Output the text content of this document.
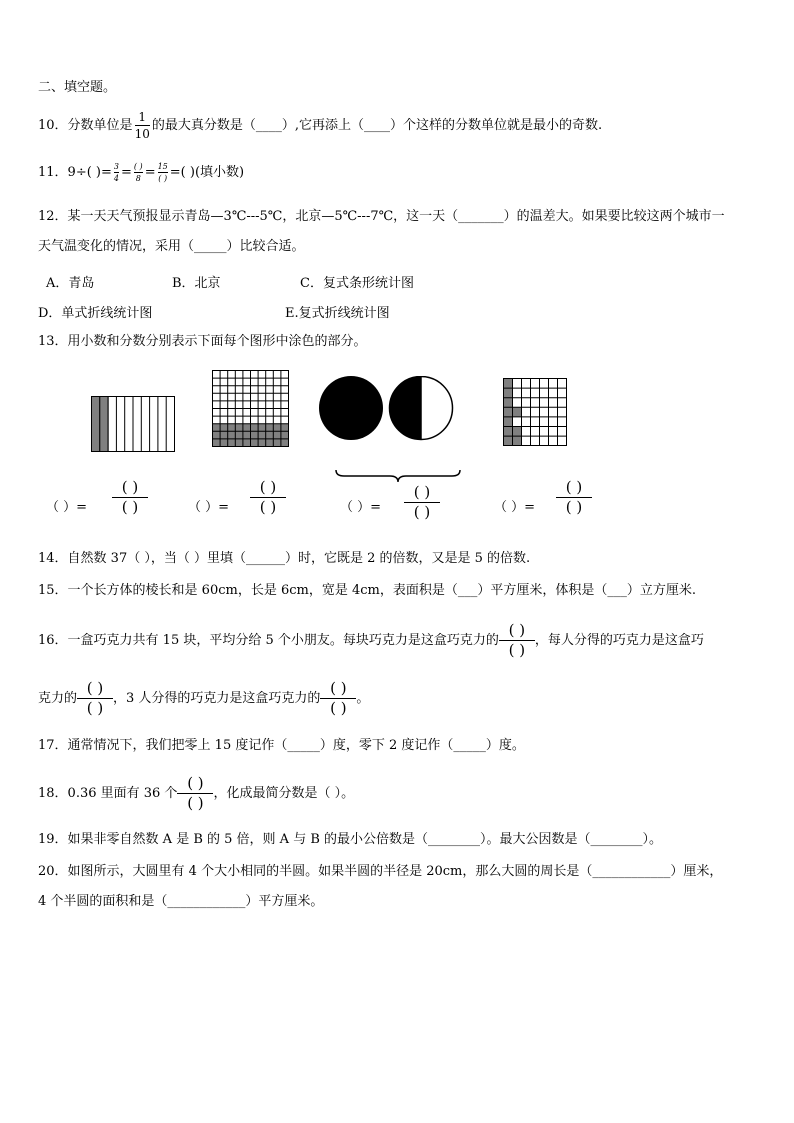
二、填空题。
10．分数单位是 $\frac{1}{10}$ 的最大真分数是（____）,它再添上（____）个这样的分数单位就是最小的奇数.
11．9÷( )= $\frac{3}{4} = \frac{( )}{8} = \frac{15}{( )}$ =( )(填小数)
12．某一天天气预报显示青岛—3℃---5℃，北京—5℃---7℃，这一天（_______）的温差大。如果要比较这两个城市一
天气温变化的情况，采用（_____）比较合适。
A．青岛	B．北京	C．复式条形统计图
D．单式折线统计图	E.复式折线统计图
13．用小数和分数分别表示下面每个图形中涂色的部分。
（ ）= $\frac{( )}{( )}$	（ ）= $\frac{( )}{( )}$	（ ）= $\frac{( )}{( )}$	（ ）= $\frac{( )}{( )}$
14．自然数 37（ ），当（ ）里填（______）时，它既是 2 的倍数，又是是 5 的倍数.
15．一个长方体的棱长和是 60cm，长是 6cm，宽是 4cm，表面积是（___）平方厘米，体积是（___）立方厘米.
16．一盒巧克力共有 15 块，平均分给 5 个小朋友。每块巧克力是这盒巧克力的 $\frac{( )}{( )}$ ，每人分得的巧克力是这盒巧
克力的 $\frac{( )}{( )}$ ，3 人分得的巧克力是这盒巧克力的 $\frac{( )}{( )}$ 。
17．通常情况下，我们把零上 15 度记作（_____）度，零下 2 度记作（_____）度。
18．0.36 里面有 36 个 $\frac{( )}{( )}$ ，化成最简分数是（ ）。
19．如果非零自然数 A 是 B 的 5 倍，则 A 与 B 的最小公倍数是（________）。最大公因数是（________）。
20．如图所示，大圆里有 4 个大小相同的半圆。如果半圆的半径是 20cm，那么大圆的周长是（____________）厘米，
4 个半圆的面积和是（____________）平方厘米。
